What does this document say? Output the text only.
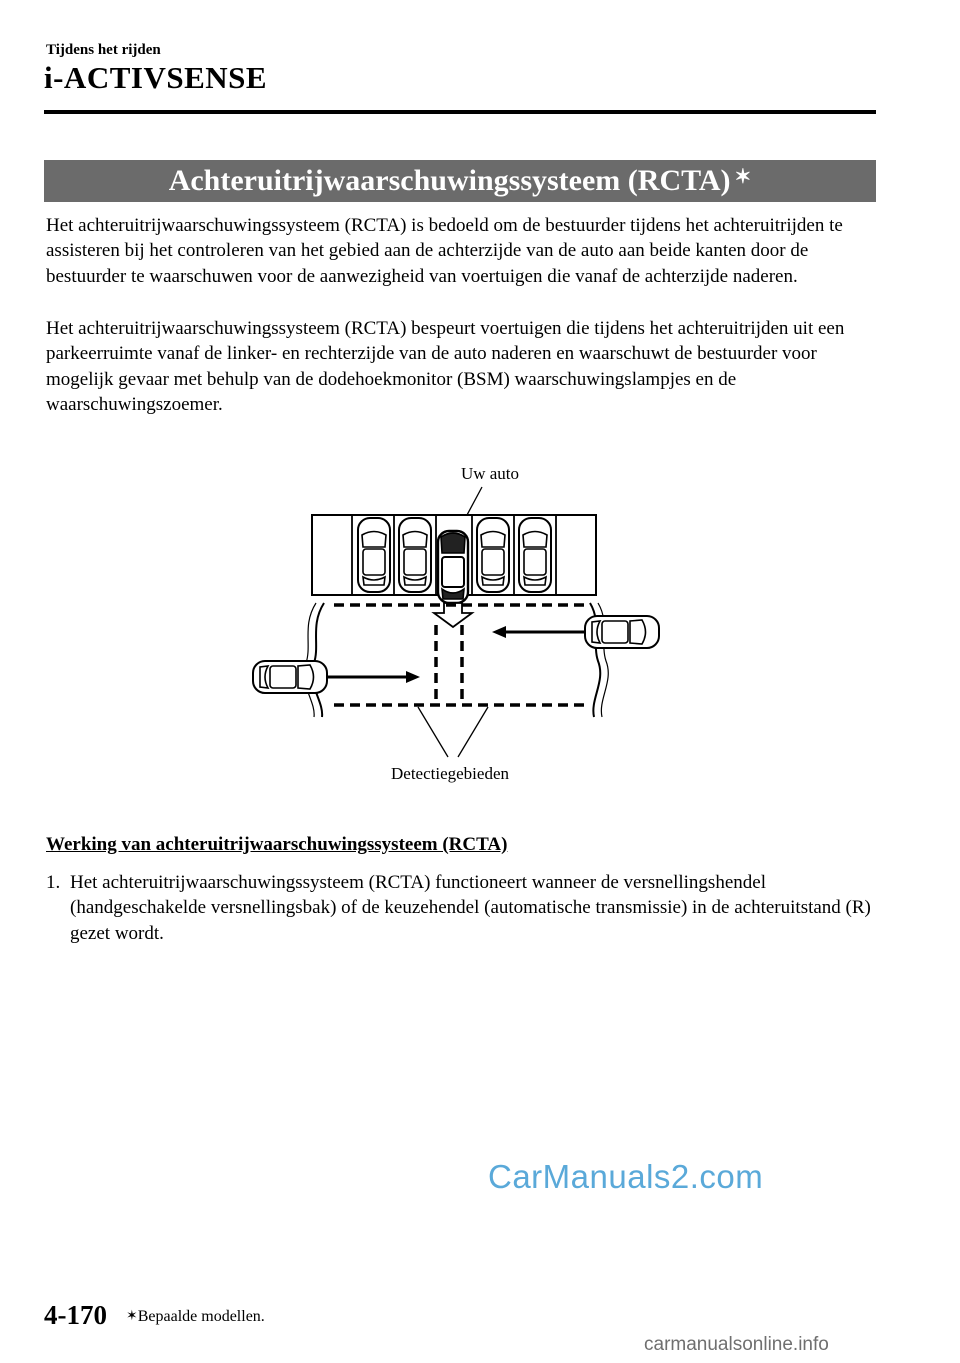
Tijdens het rijden
i-ACTIVSENSE
Achteruitrijwaarschuwingssysteem (RCTA) ✶
Het achteruitrijwaarschuwingssysteem (RCTA) is bedoeld om de bestuurder tijdens het achteruitrijden te assisteren bij het controleren van het gebied aan de achterzijde van de auto aan beide kanten door de bestuurder te waarschuwen voor de aanwezigheid van voertuigen die vanaf de achterzijde naderen.
Het achteruitrijwaarschuwingssysteem (RCTA) bespeurt voertuigen die tijdens het achteruitrijden uit een parkeerruimte vanaf de linker- en rechterzijde van de auto naderen en waarschuwt de bestuurder voor mogelijk gevaar met behulp van de dodehoekmonitor (BSM) waarschuwingslampjes en de waarschuwingszoemer.
Uw auto
Detectiegebieden
Werking van achteruitrijwaarschuwingssysteem (RCTA)
1. Het achteruitrijwaarschuwingssysteem (RCTA) functioneert wanneer de versnellingshendel (handgeschakelde versnellingsbak) of de keuzehendel (automatische transmissie) in de achteruitstand (R) gezet wordt.
CarManuals2.com
4-170 ✶Bepaalde modellen.
carmanualsonline.info
